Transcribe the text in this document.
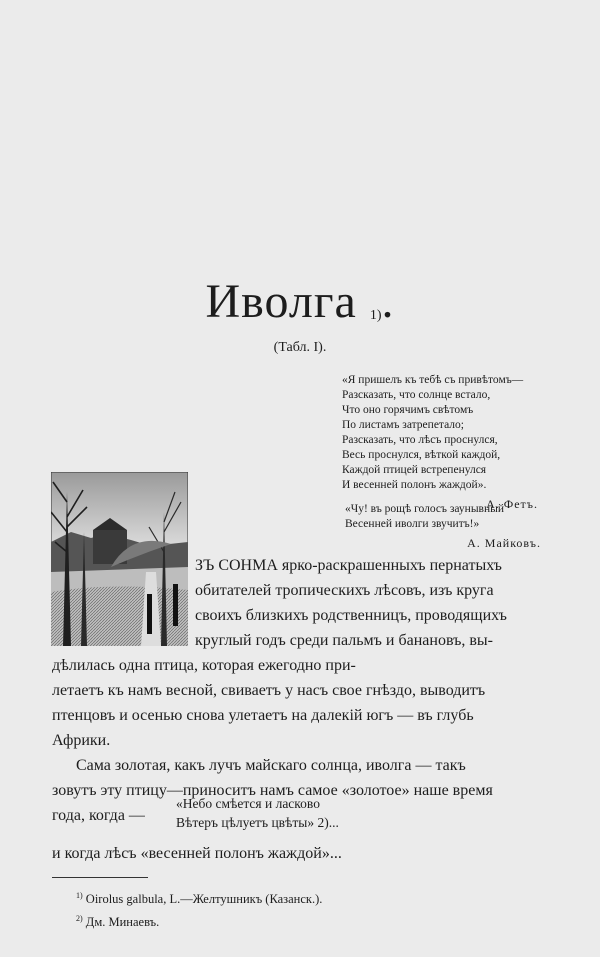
Иволга $^{1)}$.
(Табл. I).
«Я пришелъ къ тебѣ съ привѣтомъ—
Разсказать, что солнце встало,
Что оно горячимъ свѣтомъ
По листамъ затрепетало;
Разсказать, что лѣсъ проснулся,
Весь проснулся, вѣткой каждой,
Каждой птицей встрепенулся
И весенней полонъ жаждой».
А. Фетъ.
«Чу! въ рощѣ голосъ заунывный
Весенней иволги звучитъ!»
А. Майковъ.
ЗЪ СОНМА ярко-раскрашенныхъ пернатыхъ
обитателей тропическихъ лѣсовъ, изъ круга
своихъ близкихъ родственницъ, проводящихъ
круглый годъ среди пальмъ и банановъ, вы-
дѣлилась одна птица, которая ежегодно при-
летаетъ къ намъ весной, свиваетъ у насъ свое гнѣздо, выводитъ
птенцовъ и осенью снова улетаетъ на далекій югъ — въ глубь
Африки.
Сама золотая, какъ лучъ майскаго солнца, иволга — такъ
зовутъ эту птицу—приноситъ намъ самое «золотое» наше время
года, когда —
«Небо смѣется и ласково
Вѣтеръ цѣлуетъ цвѣты» 2)...
и когда лѣсъ «весенней полонъ жаждой»...
$^{1)}$ Oirolus galbula, L.—Желтушникъ (Казанск.).
$^{2)}$ Дм. Минаевъ.
